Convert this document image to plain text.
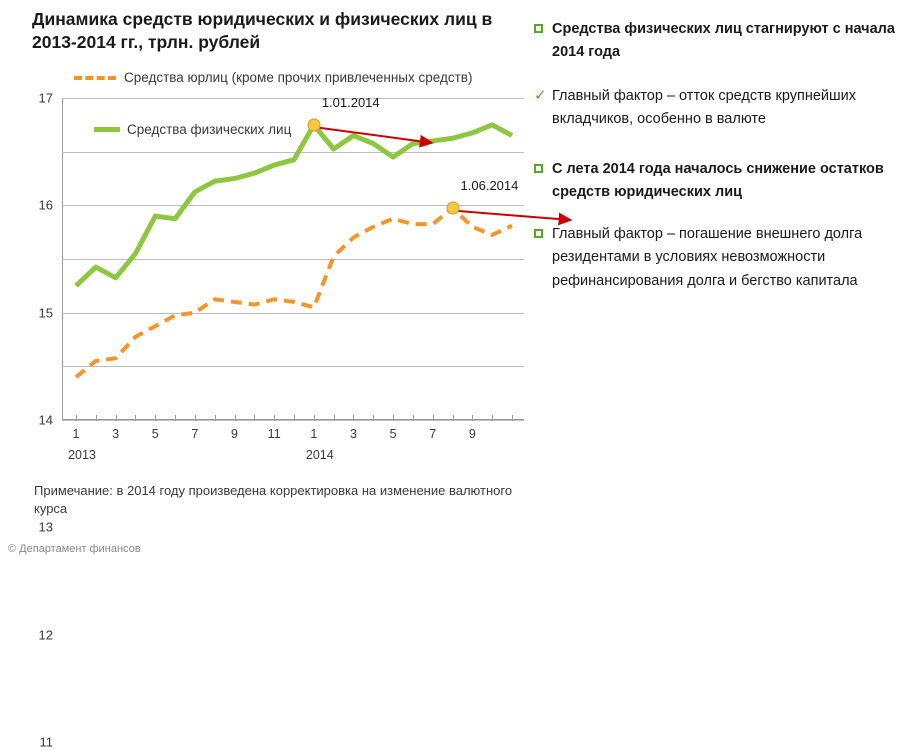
Динамика средств юридических и физических лиц в 2013-2014 гг., трлн. рублей
Средства юрлиц (кроме прочих привлеченных средств)
11
12
13
14
15
16
17
1	3	5	7	9 11 1	3	5	7	9
2013	2014
1.01.2014
1.06.2014
Средства физических лиц
Примечание: в 2014 году произведена корректировка на изменение валютного курса
© Департамент финансов
Средства физических лиц стагнируют с начала 2014 года
✓ Главный фактор – отток средств крупнейших вкладчиков, особенно в валюте
С лета 2014 года началось снижение остатков средств юридических лиц
Главный фактор – погашение внешнего долга резидентами в условиях невозможности рефинансирования долга и бегство капитала
